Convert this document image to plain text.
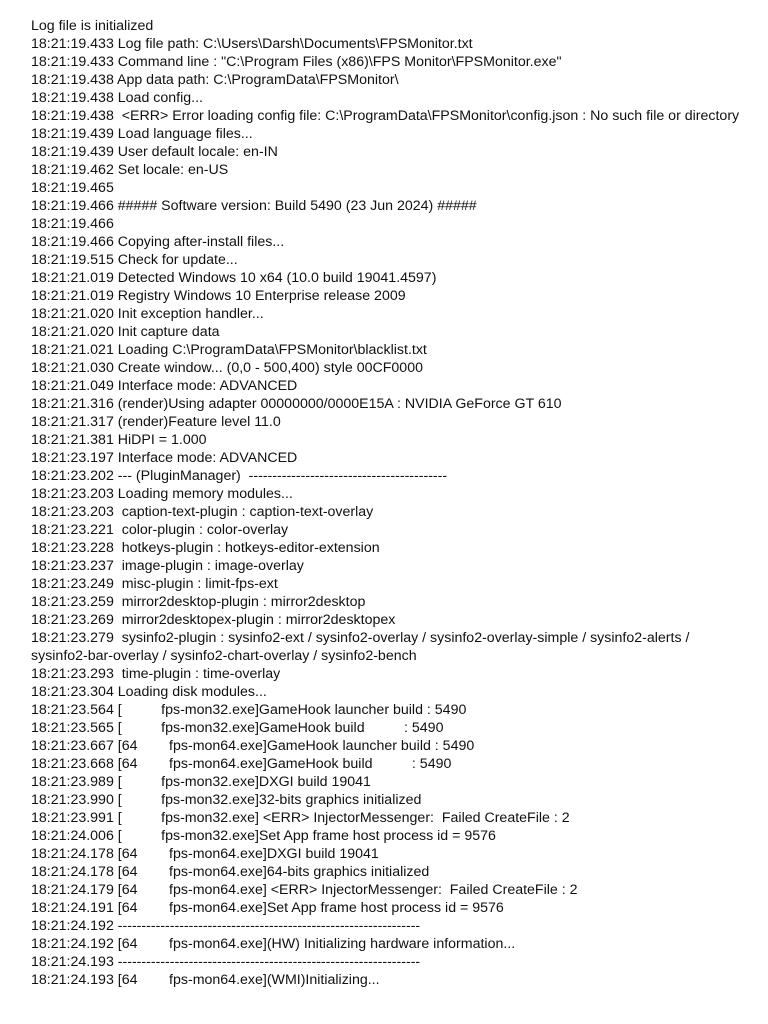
Log file is initialized
18:21:19.433 Log file path: C:\Users\Darsh\Documents\FPSMonitor.txt
18:21:19.433 Command line : "C:\Program Files (x86)\FPS Monitor\FPSMonitor.exe"
18:21:19.438 App data path: C:\ProgramData\FPSMonitor\
18:21:19.438 Load config...
18:21:19.438  <ERR> Error loading config file: C:\ProgramData\FPSMonitor\config.json : No such file or directory
18:21:19.439 Load language files...
18:21:19.439 User default locale: en-IN
18:21:19.462 Set locale: en-US
18:21:19.465
18:21:19.466 ##### Software version: Build 5490 (23 Jun 2024) #####
18:21:19.466
18:21:19.466 Copying after-install files...
18:21:19.515 Check for update...
18:21:21.019 Detected Windows 10 x64 (10.0 build 19041.4597)
18:21:21.019 Registry Windows 10 Enterprise release 2009
18:21:21.020 Init exception handler...
18:21:21.020 Init capture data
18:21:21.021 Loading C:\ProgramData\FPSMonitor\blacklist.txt
18:21:21.030 Create window... (0,0 - 500,400) style 00CF0000
18:21:21.049 Interface mode: ADVANCED
18:21:21.316 (render)Using adapter 00000000/0000E15A : NVIDIA GeForce GT 610
18:21:21.317 (render)Feature level 11.0
18:21:21.381 HiDPI = 1.000
18:21:23.197 Interface mode: ADVANCED
18:21:23.202 --- (PluginManager)  ------------------------------------------
18:21:23.203 Loading memory modules...
18:21:23.203  caption-text-plugin : caption-text-overlay
18:21:23.221  color-plugin : color-overlay
18:21:23.228  hotkeys-plugin : hotkeys-editor-extension
18:21:23.237  image-plugin : image-overlay
18:21:23.249  misc-plugin : limit-fps-ext
18:21:23.259  mirror2desktop-plugin : mirror2desktop
18:21:23.269  mirror2desktopex-plugin : mirror2desktopex
18:21:23.279  sysinfo2-plugin : sysinfo2-ext / sysinfo2-overlay / sysinfo2-overlay-simple / sysinfo2-alerts / sysinfo2-bar-overlay / sysinfo2-chart-overlay / sysinfo2-bench
18:21:23.293  time-plugin : time-overlay
18:21:23.304 Loading disk modules...
18:21:23.564 [          fps-mon32.exe]GameHook launcher build : 5490
18:21:23.565 [          fps-mon32.exe]GameHook build          : 5490
18:21:23.667 [64        fps-mon64.exe]GameHook launcher build : 5490
18:21:23.668 [64        fps-mon64.exe]GameHook build          : 5490
18:21:23.989 [          fps-mon32.exe]DXGI build 19041
18:21:23.990 [          fps-mon32.exe]32-bits graphics initialized
18:21:23.991 [          fps-mon32.exe] <ERR> InjectorMessenger:  Failed CreateFile : 2
18:21:24.006 [          fps-mon32.exe]Set App frame host process id = 9576
18:21:24.178 [64        fps-mon64.exe]DXGI build 19041
18:21:24.178 [64        fps-mon64.exe]64-bits graphics initialized
18:21:24.179 [64        fps-mon64.exe] <ERR> InjectorMessenger:  Failed CreateFile : 2
18:21:24.191 [64        fps-mon64.exe]Set App frame host process id = 9576
18:21:24.192 ----------------------------------------------------------------
18:21:24.192 [64        fps-mon64.exe](HW) Initializing hardware information...
18:21:24.193 ----------------------------------------------------------------
18:21:24.193 [64        fps-mon64.exe](WMI)Initializing...
